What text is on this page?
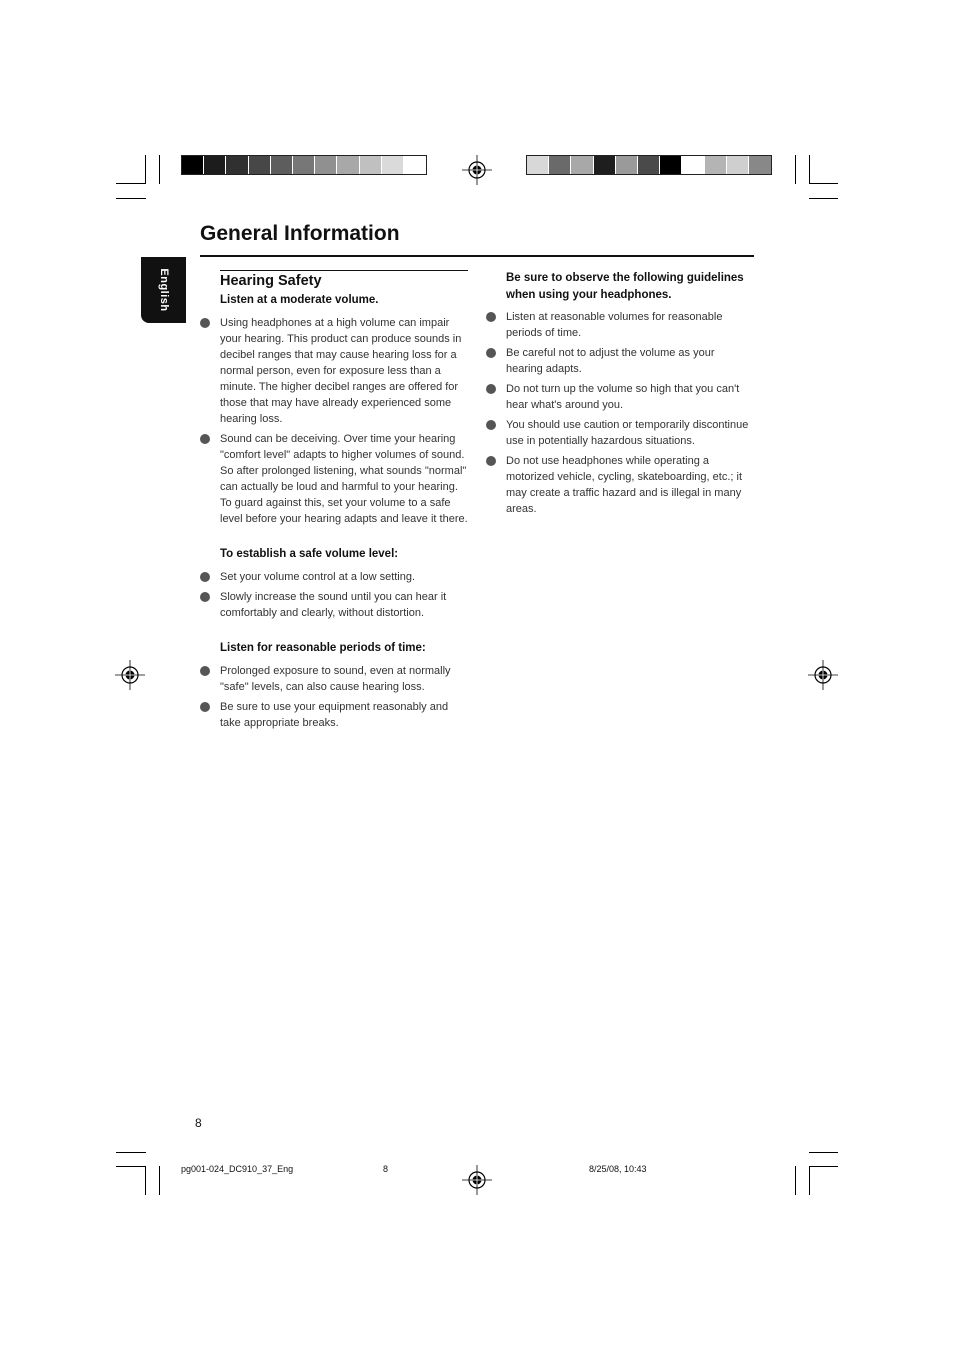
General Information
English	Hearing Safety

Listen at a moderate volume.

Using headphones at a high volume can impair your hearing. This product can produce sounds in decibel ranges that may cause hearing loss for a normal person, even for exposure less than a minute. The higher decibel ranges are offered for those that may have already experienced some hearing loss.
Sound can be deceiving. Over time your hearing "comfort level" adapts to higher volumes of sound. So after prolonged listening, what sounds "normal" can actually be loud and harmful to your hearing. To guard against this, set your volume to a safe level before your hearing adapts and leave it there.

To establish a safe volume level:

Set your volume control at a low setting.
Slowly increase the sound until you can hear it comfortably and clearly, without distortion.

Listen for reasonable periods of time:

Prolonged exposure to sound, even at normally "safe" levels, can also cause hearing loss.
Be sure to use your equipment reasonably and take appropriate breaks.

Be sure to observe the following guidelines when using your headphones.

Listen at reasonable volumes for reasonable periods of time.
Be careful not to adjust the volume as your hearing adapts.
Do not turn up the volume so high that you can't hear what's around you.
You should use caution or temporarily discontinue use in potentially hazardous situations.
Do not use headphones while operating a motorized vehicle, cycling, skateboarding, etc.; it may create a traffic hazard and is illegal in many areas.
8
pg001-024_DC910_37_Eng	8	8/25/08, 10:43
